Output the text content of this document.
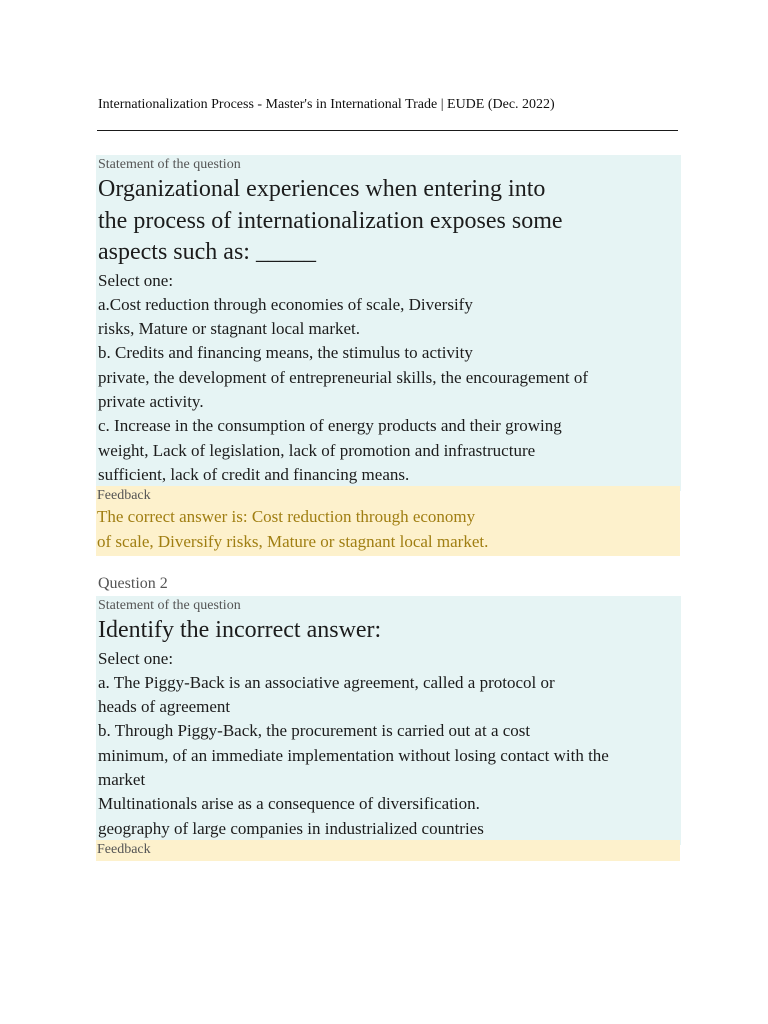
Internationalization Process - Master's in International Trade | EUDE (Dec. 2022)
Statement of the question
Organizational experiences when entering into
the process of internationalization exposes some
aspects such as: _____
Select one:
a.Cost reduction through economies of scale, Diversify
risks, Mature or stagnant local market.
b. Credits and financing means, the stimulus to activity
private, the development of entrepreneurial skills, the encouragement of
private activity.
c. Increase in the consumption of energy products and their growing
weight, Lack of legislation, lack of promotion and infrastructure
sufficient, lack of credit and financing means.
Feedback
The correct answer is: Cost reduction through economy
of scale, Diversify risks, Mature or stagnant local market.
Question 2
Statement of the question
Identify the incorrect answer:
Select one:
a. The Piggy-Back is an associative agreement, called a protocol or
heads of agreement
b. Through Piggy-Back, the procurement is carried out at a cost
minimum, of an immediate implementation without losing contact with the
market
Multinationals arise as a consequence of diversification.
geography of large companies in industrialized countries
Feedback
